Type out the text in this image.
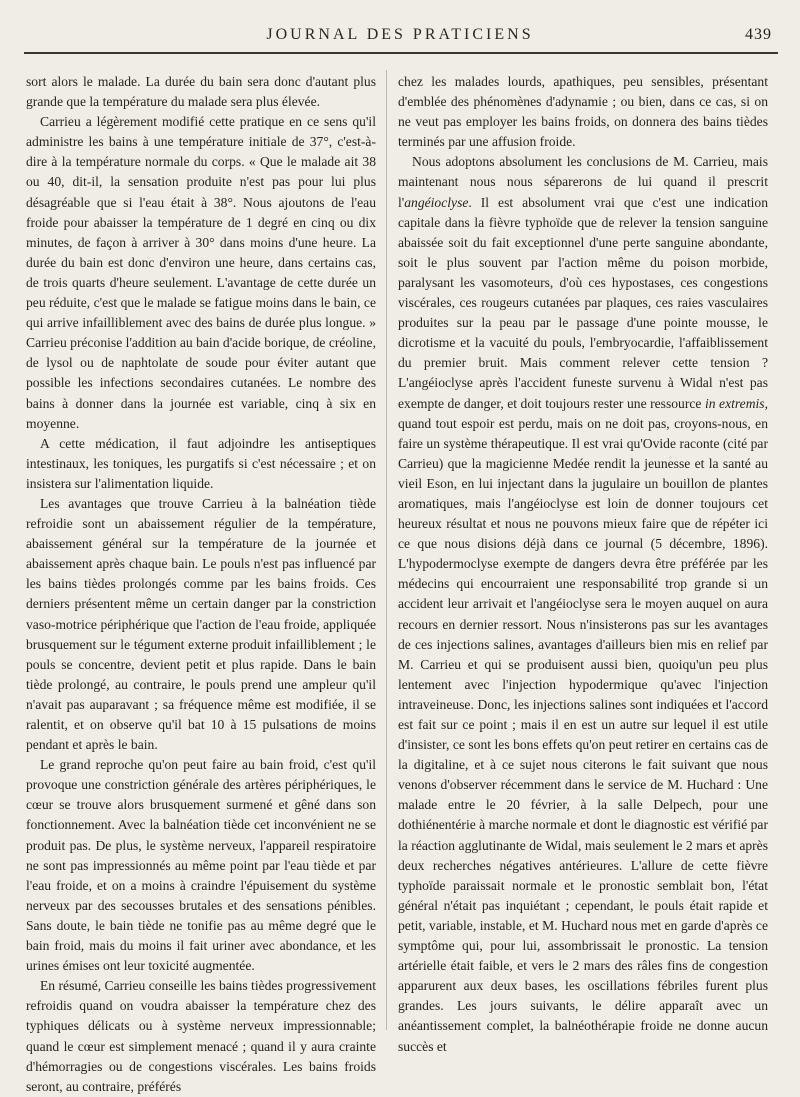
JOURNAL DES PRATICIENS	439

sort alors le malade. La durée du bain sera donc d'autant plus grande que la température du malade sera plus élevée.

Carrieu a légèrement modifié cette pratique en ce sens qu'il administre les bains à une température initiale de 37°, c'est-à-dire à la température normale du corps. « Que le malade ait 38 ou 40, dit-il, la sensation produite n'est pas pour lui plus désagréable que si l'eau était à 38°. Nous ajoutons de l'eau froide pour abaisser la température de 1 degré en cinq ou dix minutes, de façon à arriver à 30° dans moins d'une heure. La durée du bain est donc d'environ une heure, dans certains cas, de trois quarts d'heure seulement. L'avantage de cette durée un peu réduite, c'est que le malade se fatigue moins dans le bain, ce qui arrive infailliblement avec des bains de durée plus longue. » Carrieu préconise l'addition au bain d'acide borique, de créoline, de lysol ou de naphtolate de soude pour éviter autant que possible les infections secondaires cutanées. Le nombre des bains à donner dans la journée est variable, cinq à six en moyenne.

A cette médication, il faut adjoindre les antiseptiques intestinaux, les toniques, les purgatifs si c'est nécessaire ; et on insistera sur l'alimentation liquide.

Les avantages que trouve Carrieu à la balnéation tiède refroidie sont un abaissement régulier de la température, abaissement général sur la température de la journée et abaissement après chaque bain. Le pouls n'est pas influencé par les bains tièdes prolongés comme par les bains froids. Ces derniers présentent même un certain danger par la constriction vaso-motrice périphérique que l'action de l'eau froide, appliquée brusquement sur le tégument externe produit infailliblement ; le pouls se concentre, devient petit et plus rapide. Dans le bain tiède prolongé, au contraire, le pouls prend une ampleur qu'il n'avait pas auparavant ; sa fréquence même est modifiée, il se ralentit, et on observe qu'il bat 10 à 15 pulsations de moins pendant et après le bain.

Le grand reproche qu'on peut faire au bain froid, c'est qu'il provoque une constriction générale des artères périphériques, le cœur se trouve alors brusquement surmené et gêné dans son fonctionnement. Avec la balnéation tiède cet inconvénient ne se produit pas. De plus, le système nerveux, l'appareil respiratoire ne sont pas impressionnés au même point par l'eau tiède et par l'eau froide, et on a moins à craindre l'épuisement du système nerveux par des secousses brutales et des sensations pénibles. Sans doute, le bain tiède ne tonifie pas au même degré que le bain froid, mais du moins il fait uriner avec abondance, et les urines émises ont leur toxicité augmentée.

En résumé, Carrieu conseille les bains tièdes progressivement refroidis quand on voudra abaisser la température chez des typhiques délicats ou à système nerveux impressionnable; quand le cœur est simplement menacé ; quand il y aura crainte d'hémorragies ou de congestions viscérales. Les bains froids seront, au contraire, préférés

chez les malades lourds, apathiques, peu sensibles, présentant d'emblée des phénomènes d'adynamie ; ou bien, dans ce cas, si on ne veut pas employer les bains froids, on donnera des bains tièdes terminés par une affusion froide.

Nous adoptons absolument les conclusions de M. Carrieu, mais maintenant nous nous séparerons de lui quand il prescrit l'angéioclyse. Il est absolument vrai que c'est une indication capitale dans la fièvre typhoïde que de relever la tension sanguine abaissée soit du fait exceptionnel d'une perte sanguine abondante, soit le plus souvent par l'action même du poison morbide, paralysant les vasomoteurs, d'où ces hypostases, ces congestions viscérales, ces rougeurs cutanées par plaques, ces raies vasculaires produites sur la peau par le passage d'une pointe mousse, le dicrotisme et la vacuité du pouls, l'embryocardie, l'affaiblissement du premier bruit. Mais comment relever cette tension ? L'angéioclyse après l'accident funeste survenu à Widal n'est pas exempte de danger, et doit toujours rester une ressource in extremis, quand tout espoir est perdu, mais on ne doit pas, croyons-nous, en faire un système thérapeutique. Il est vrai qu'Ovide raconte (cité par Carrieu) que la magicienne Medée rendit la jeunesse et la santé au vieil Eson, en lui injectant dans la jugulaire un bouillon de plantes aromatiques, mais l'angéioclyse est loin de donner toujours cet heureux résultat et nous ne pouvons mieux faire que de répéter ici ce que nous disions déjà dans ce journal (5 décembre, 1896). L'hypodermoclyse exempte de dangers devra être préférée par les médecins qui encourraient une responsabilité trop grande si un accident leur arrivait et l'angéioclyse sera le moyen auquel on aura recours en dernier ressort. Nous n'insisterons pas sur les avantages de ces injections salines, avantages d'ailleurs bien mis en relief par M. Carrieu et qui se produisent aussi bien, quoiqu'un peu plus lentement avec l'injection hypodermique qu'avec l'injection intraveineuse. Donc, les injections salines sont indiquées et l'accord est fait sur ce point ; mais il en est un autre sur lequel il est utile d'insister, ce sont les bons effets qu'on peut retirer en certains cas de la digitaline, et à ce sujet nous citerons le fait suivant que nous venons d'observer récemment dans le service de M. Huchard : Une malade entre le 20 février, à la salle Delpech, pour une dothiénentérie à marche normale et dont le diagnostic est vérifié par la réaction agglutinante de Widal, mais seulement le 2 mars et après deux recherches négatives antérieures. L'allure de cette fièvre typhoïde paraissait normale et le pronostic semblait bon, l'état général n'était pas inquiétant ; cependant, le pouls était rapide et petit, variable, instable, et M. Huchard nous met en garde d'après ce symptôme qui, pour lui, assombrissait le pronostic. La tension artérielle était faible, et vers le 2 mars des râles fins de congestion apparurent aux deux bases, les oscillations fébriles furent plus grandes. Les jours suivants, le délire apparaît avec un anéantissement complet, la balnéothérapie froide ne donne aucun succès et
